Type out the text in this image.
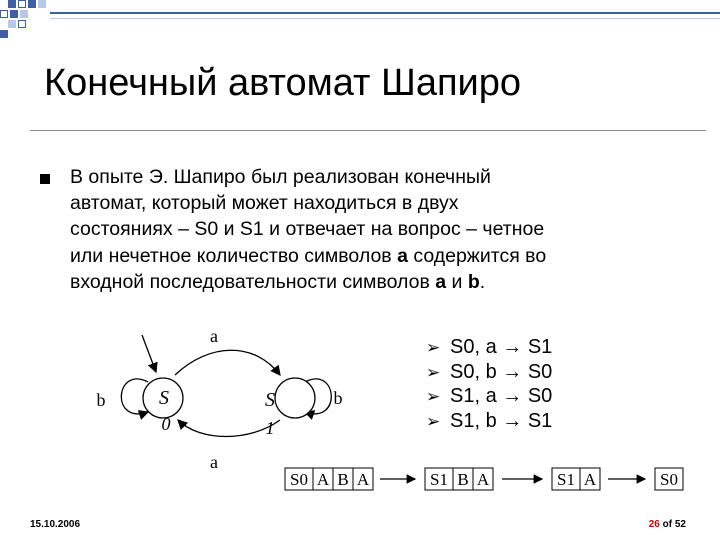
Конечный автомат Шапиро
В опыте Э. Шапиро был реализован конечный
автомат, который может находиться в двух
состояниях – S0 и S1 и отвечает на вопрос – четное
или нечетное количество символов a содержится во
входной последовательности символов a и b.
S
0
S
1
a
a
b	b
➢ S0, a → S1
➢ S0, b → S0
➢ S1, a → S0
➢ S1, b → S1
S0 A B A	S1 B A	S1 A	S0
15.10.2006	26 of 52
